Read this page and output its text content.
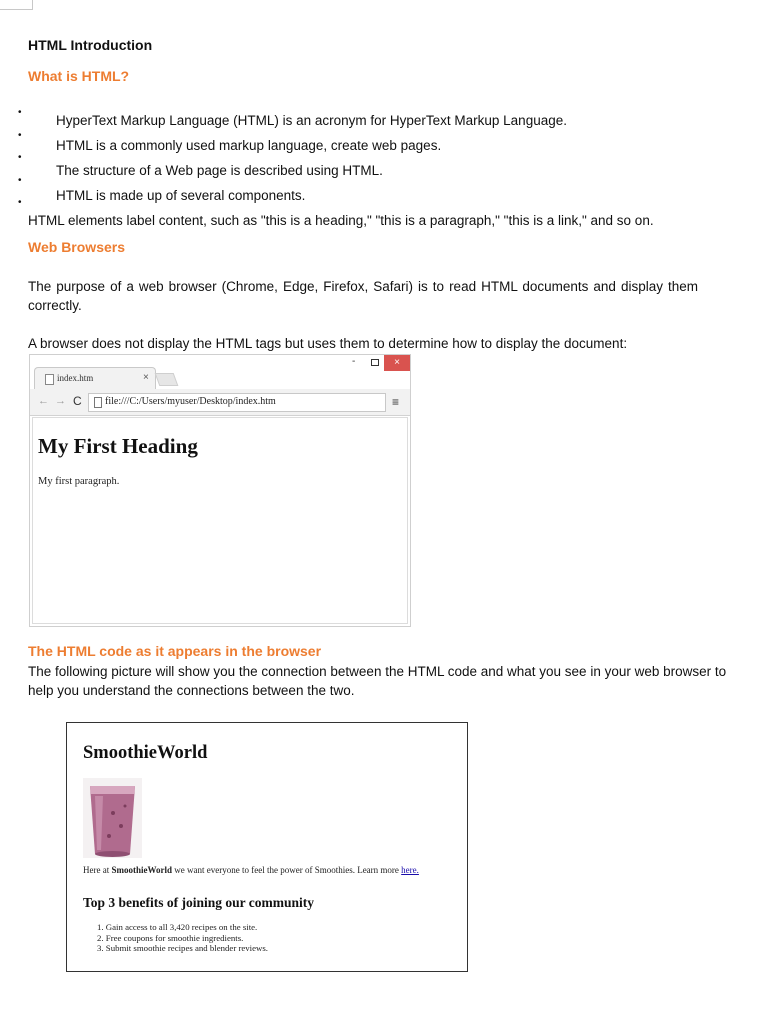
HTML Introduction
What is HTML?
•
•
•
•
•
HyperText Markup Language (HTML) is an acronym for HyperText Markup Language.
HTML is a commonly used markup language, create web pages.
The structure of a Web page is described using HTML.
HTML is made up of several components.
HTML elements label content, such as "this is a heading," "this is a paragraph," "this is a link," and so on.
Web Browsers
The purpose of a web browser (Chrome, Edge, Firefox, Safari) is to read HTML documents and display them correctly.
A browser does not display the HTML tags but uses them to determine how to display the document:
-	×
index.htm	×
← → C file:///C:/Users/myuser/Desktop/index.htm	≡
My First Heading
My first paragraph.
The HTML code as it appears in the browser
The following picture will show you the connection between the HTML code and what you see in your web browser to help you understand the connections between the two.
SmoothieWorld
Here at SmoothieWorld we want everyone to feel the power of Smoothies. Learn more here.
Top 3 benefits of joining our community
1. Gain access to all 3,420 recipes on the site.
2. Free coupons for smoothie ingredients.
3. Submit smoothie recipes and blender reviews.
